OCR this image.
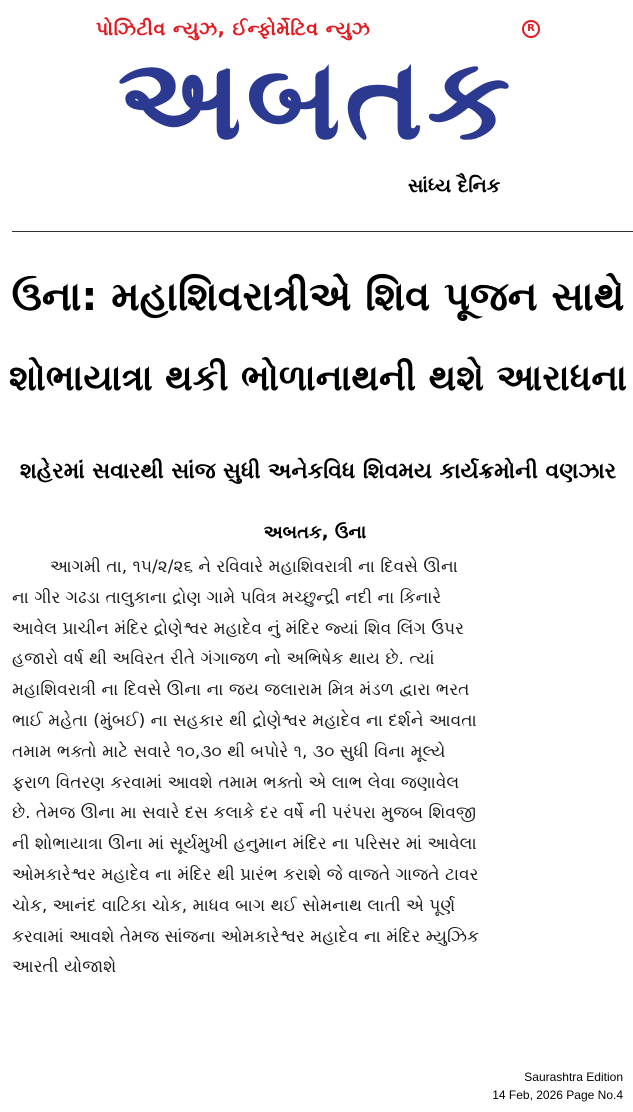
પોઝિટીવ ન્યુઝ, ઈન્ફોર્મેટિવ ન્યુઝ	R
અબતક
સાંધ્ય દૈનિક
ઉના: મહાશિવરાત્રીએ શિવ પૂજન સાથે
શોભાયાત્રા થકી ભોળાનાથની થશે આરાધના
શહેરમાં સવારથી સાંજ સુધી અનેકવિધ શિવમય કાર્યક્રમોની વણઝાર
અબતક, ઉના
આગમી તા, ૧૫/૨/૨૬ ને રવિવારે મહાશિવરાત્રી ના દિવસે ઊના
ના ગીર ગઢડા તાલુકાના દ્રોણ ગામે પવિત્ર મચ્છુન્દ્રી નદી ના કિનારે
આવેલ પ્રાચીન મંદિર દ્રોણેશ્વર મહાદેવ નું મંદિર જ્યાં શિવ લિંગ ઉપર
હજારો વર્ષ થી અવિરત રીતે ગંગાજળ નો અભિષેક થાય છે. ત્યાં
મહાશિવરાત્રી ના દિવસે ઊના ના જય જલારામ મિત્ર મંડળ દ્વારા ભરત
ભાઈ મહેતા (મુંબઈ) ના સહકાર થી દ્રોણેશ્વર મહાદેવ ના દર્શને આવતા
તમામ ભક્તો માટે સવારે ૧૦,૩૦ થી બપોરે ૧, ૩૦ સુધી વિના મૂલ્યે
ફરાળ વિતરણ કરવામાં આવશે તમામ ભક્તો એ લાભ લેવા જણાવેલ
છે. તેમજ ઊના મા સવારે દસ કલાકે દર વર્ષે ની પરંપરા મુજબ શિવજી
ની શોભાયાત્રા ઊના માં સૂર્યમુખી હનુમાન મંદિર ના પરિસર માં આવેલા
ઓમકારેશ્વર મહાદેવ ના મંદિર થી પ્રારંભ કરાશે જે વાજતે ગાજતે ટાવર
ચોક, આનંદ વાટિકા ચોક, માધવ બાગ થઈ સોમનાથ લાતી એ પૂર્ણ
કરવામાં આવશે તેમજ સાંજના ઓમકારેશ્વર મહાદેવ ના મંદિર મ્યુઝિક
આરતી યોજાશે
Saurashtra Edition
14 Feb, 2026 Page No.4
